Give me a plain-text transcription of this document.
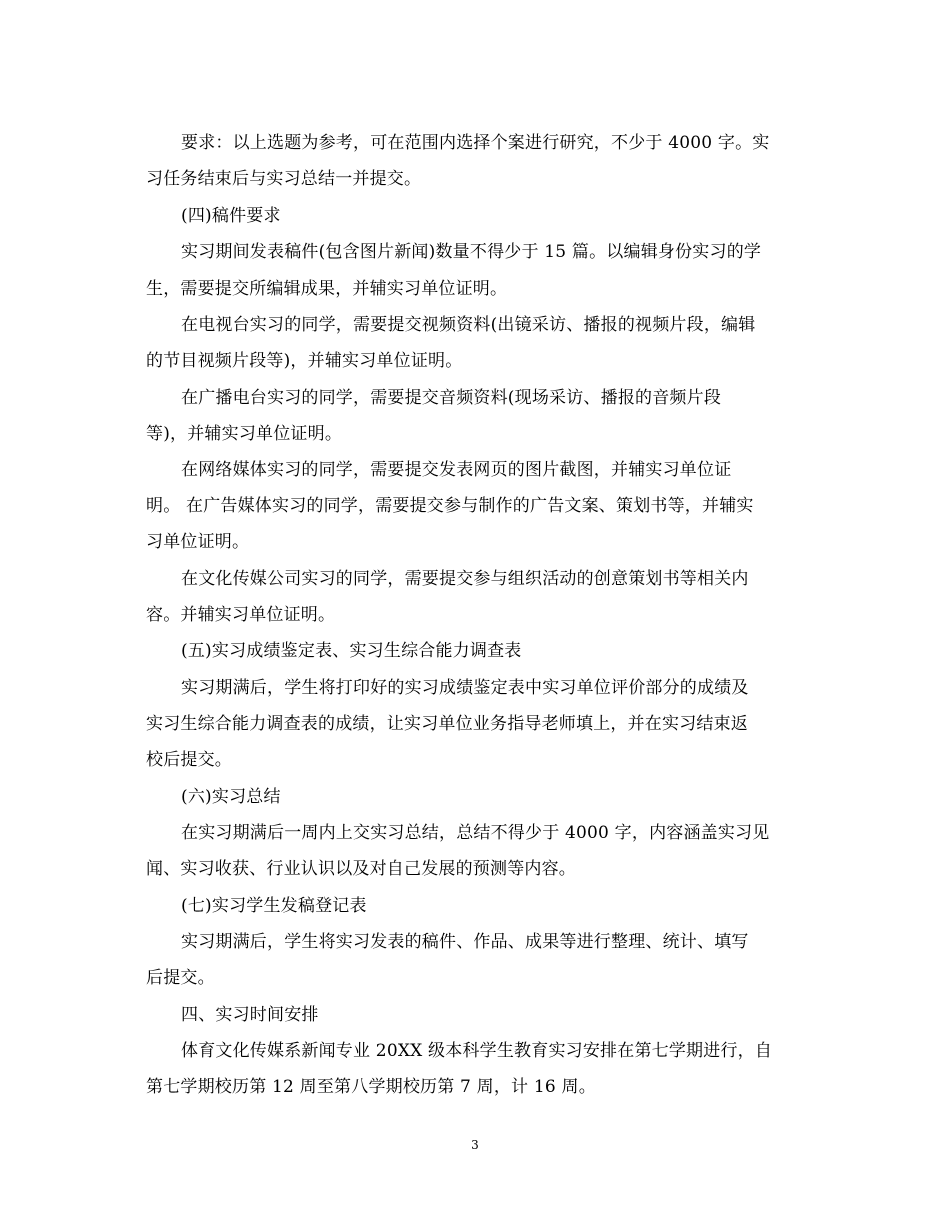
要求：以上选题为参考，可在范围内选择个案进行研究，不少于 4000 字。实
习任务结束后与实习总结一并提交。
(四)稿件要求
实习期间发表稿件(包含图片新闻)数量不得少于 15 篇。以编辑身份实习的学
生，需要提交所编辑成果，并辅实习单位证明。
在电视台实习的同学，需要提交视频资料(出镜采访、播报的视频片段，编辑
的节目视频片段等)，并辅实习单位证明。
在广播电台实习的同学，需要提交音频资料(现场采访、播报的音频片段
等)，并辅实习单位证明。
在网络媒体实习的同学，需要提交发表网页的图片截图，并辅实习单位证
明。 在广告媒体实习的同学，需要提交参与制作的广告文案、策划书等，并辅实
习单位证明。
在文化传媒公司实习的同学，需要提交参与组织活动的创意策划书等相关内
容。并辅实习单位证明。
(五)实习成绩鉴定表、实习生综合能力调查表
实习期满后，学生将打印好的实习成绩鉴定表中实习单位评价部分的成绩及
实习生综合能力调查表的成绩，让实习单位业务指导老师填上，并在实习结束返
校后提交。
(六)实习总结
在实习期满后一周内上交实习总结，总结不得少于 4000 字，内容涵盖实习见
闻、实习收获、行业认识以及对自己发展的预测等内容。
(七)实习学生发稿登记表
实习期满后，学生将实习发表的稿件、作品、成果等进行整理、统计、填写
后提交。
四、实习时间安排
体育文化传媒系新闻专业 20XX 级本科学生教育实习安排在第七学期进行，自
第七学期校历第 12 周至第八学期校历第 7 周，计 16 周。
3
